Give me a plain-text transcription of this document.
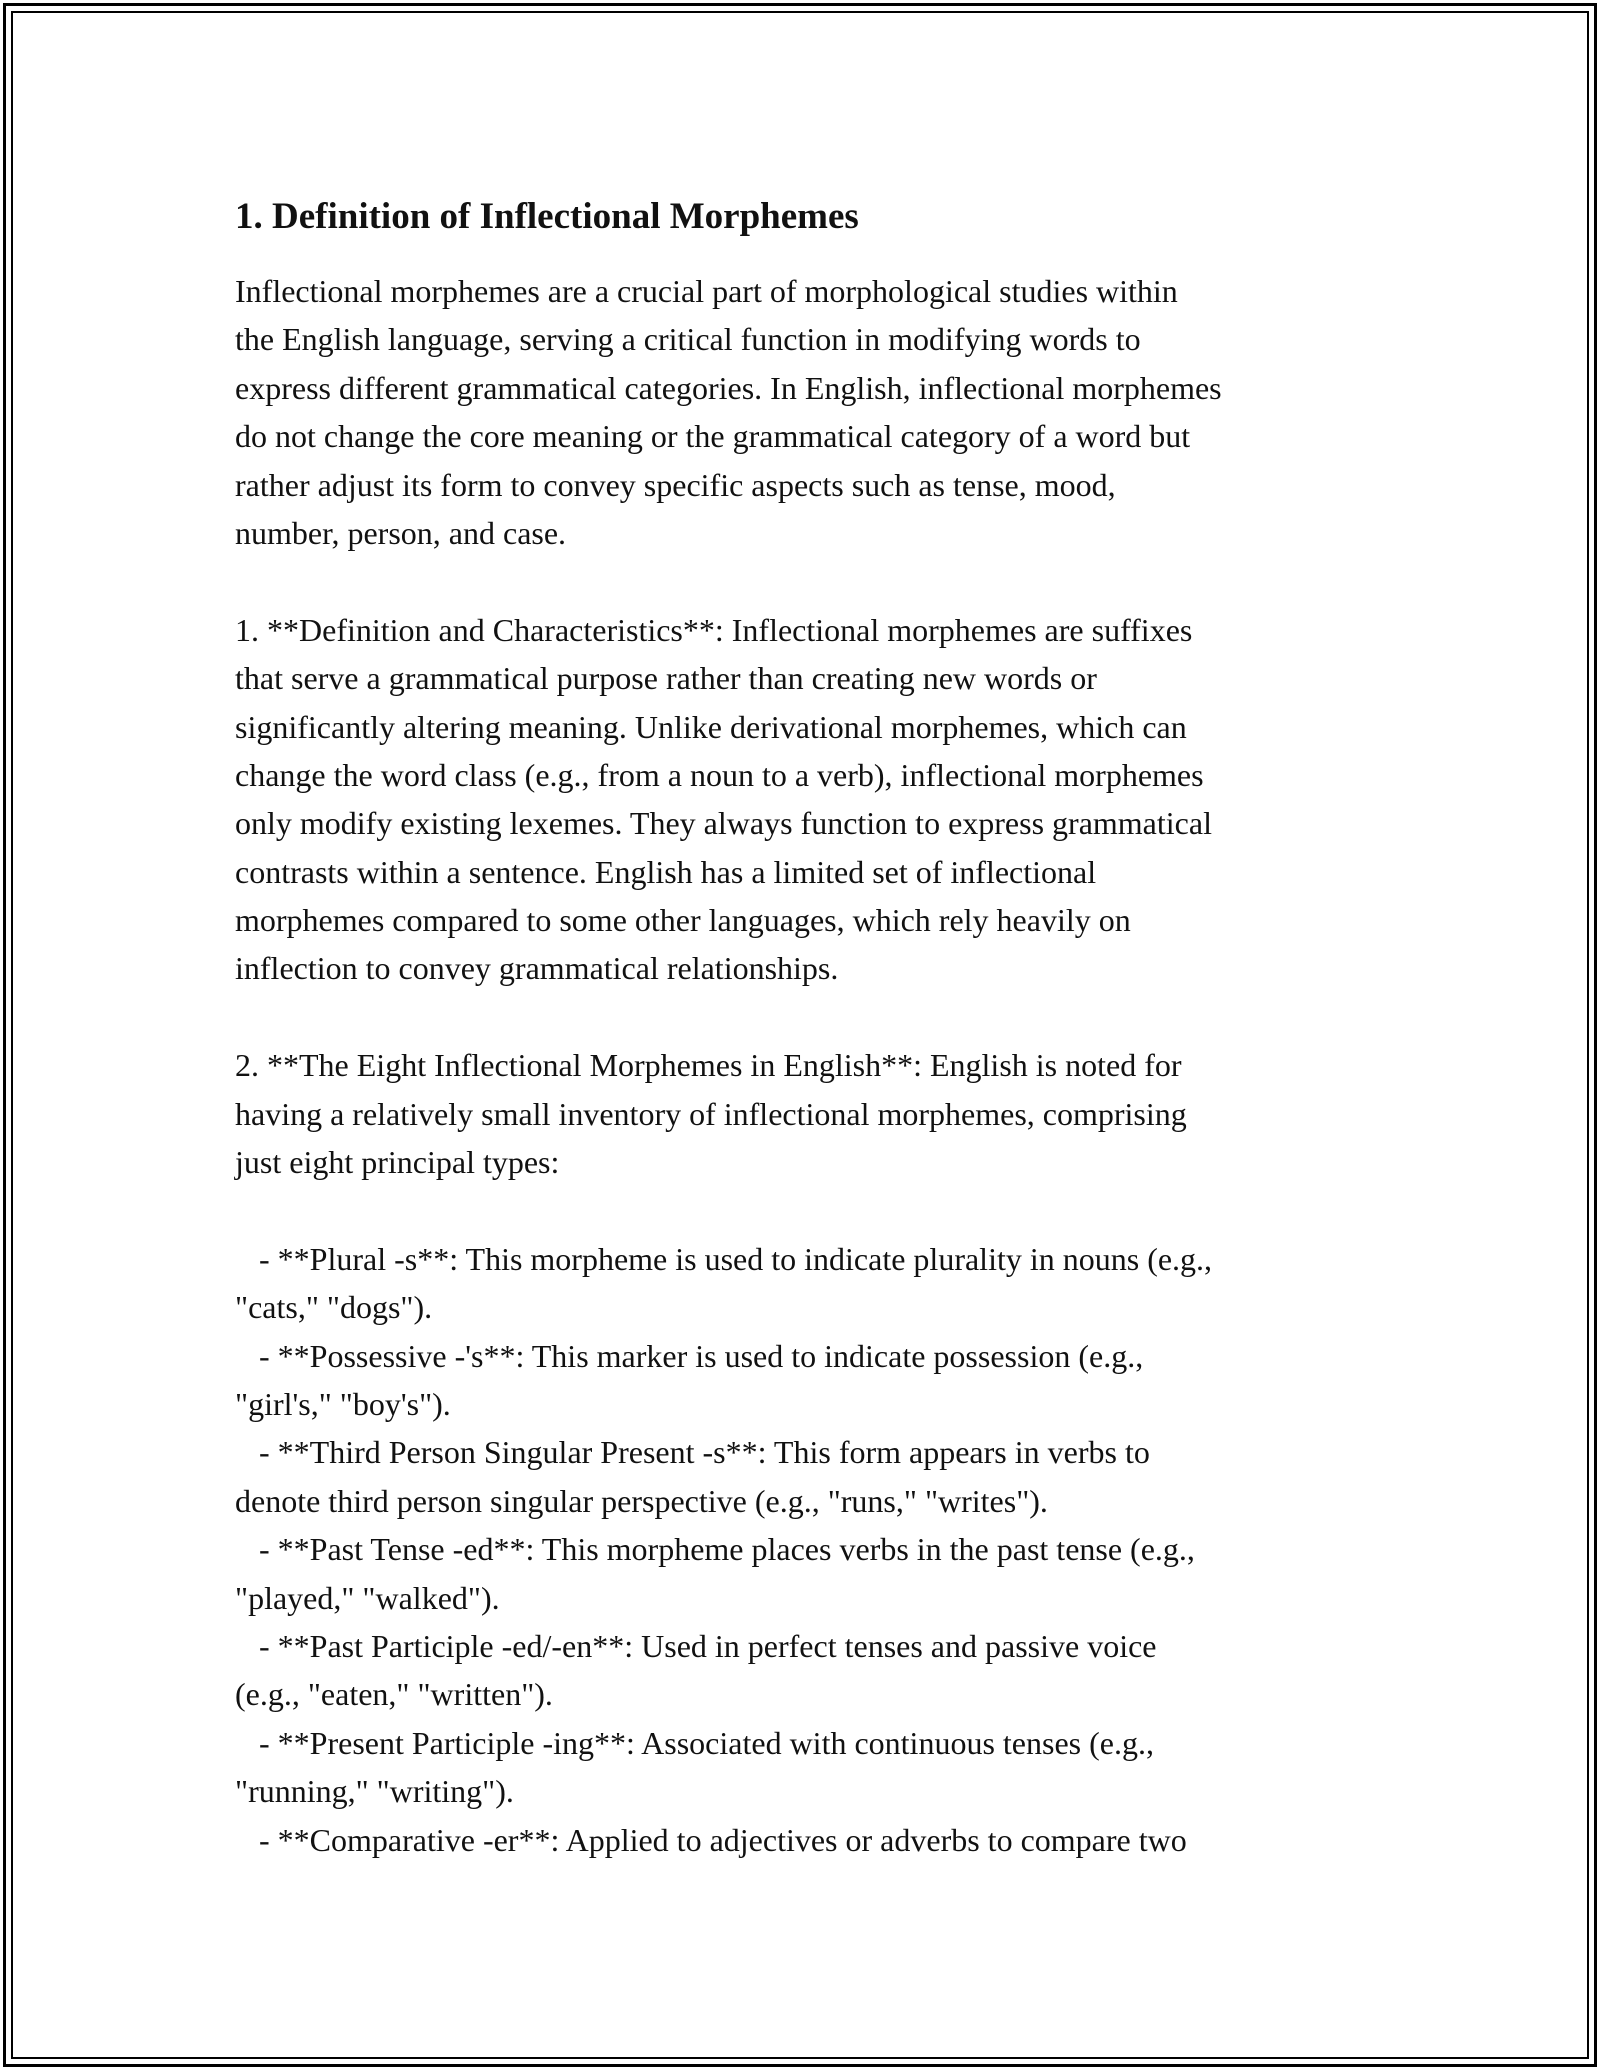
1. Definition of Inflectional Morphemes
Inflectional morphemes are a crucial part of morphological studies within
the English language, serving a critical function in modifying words to
express different grammatical categories. In English, inflectional morphemes
do not change the core meaning or the grammatical category of a word but
rather adjust its form to convey specific aspects such as tense, mood,
number, person, and case.
1. **Definition and Characteristics**: Inflectional morphemes are suffixes
that serve a grammatical purpose rather than creating new words or
significantly altering meaning. Unlike derivational morphemes, which can
change the word class (e.g., from a noun to a verb), inflectional morphemes
only modify existing lexemes. They always function to express grammatical
contrasts within a sentence. English has a limited set of inflectional
morphemes compared to some other languages, which rely heavily on
inflection to convey grammatical relationships.
2. **The Eight Inflectional Morphemes in English**: English is noted for
having a relatively small inventory of inflectional morphemes, comprising
just eight principal types:
- **Plural -s**: This morpheme is used to indicate plurality in nouns (e.g.,
"cats," "dogs").
- **Possessive -'s**: This marker is used to indicate possession (e.g.,
"girl's," "boy's").
- **Third Person Singular Present -s**: This form appears in verbs to
denote third person singular perspective (e.g., "runs," "writes").
- **Past Tense -ed**: This morpheme places verbs in the past tense (e.g.,
"played," "walked").
- **Past Participle -ed/-en**: Used in perfect tenses and passive voice
(e.g., "eaten," "written").
- **Present Participle -ing**: Associated with continuous tenses (e.g.,
"running," "writing").
- **Comparative -er**: Applied to adjectives or adverbs to compare two
